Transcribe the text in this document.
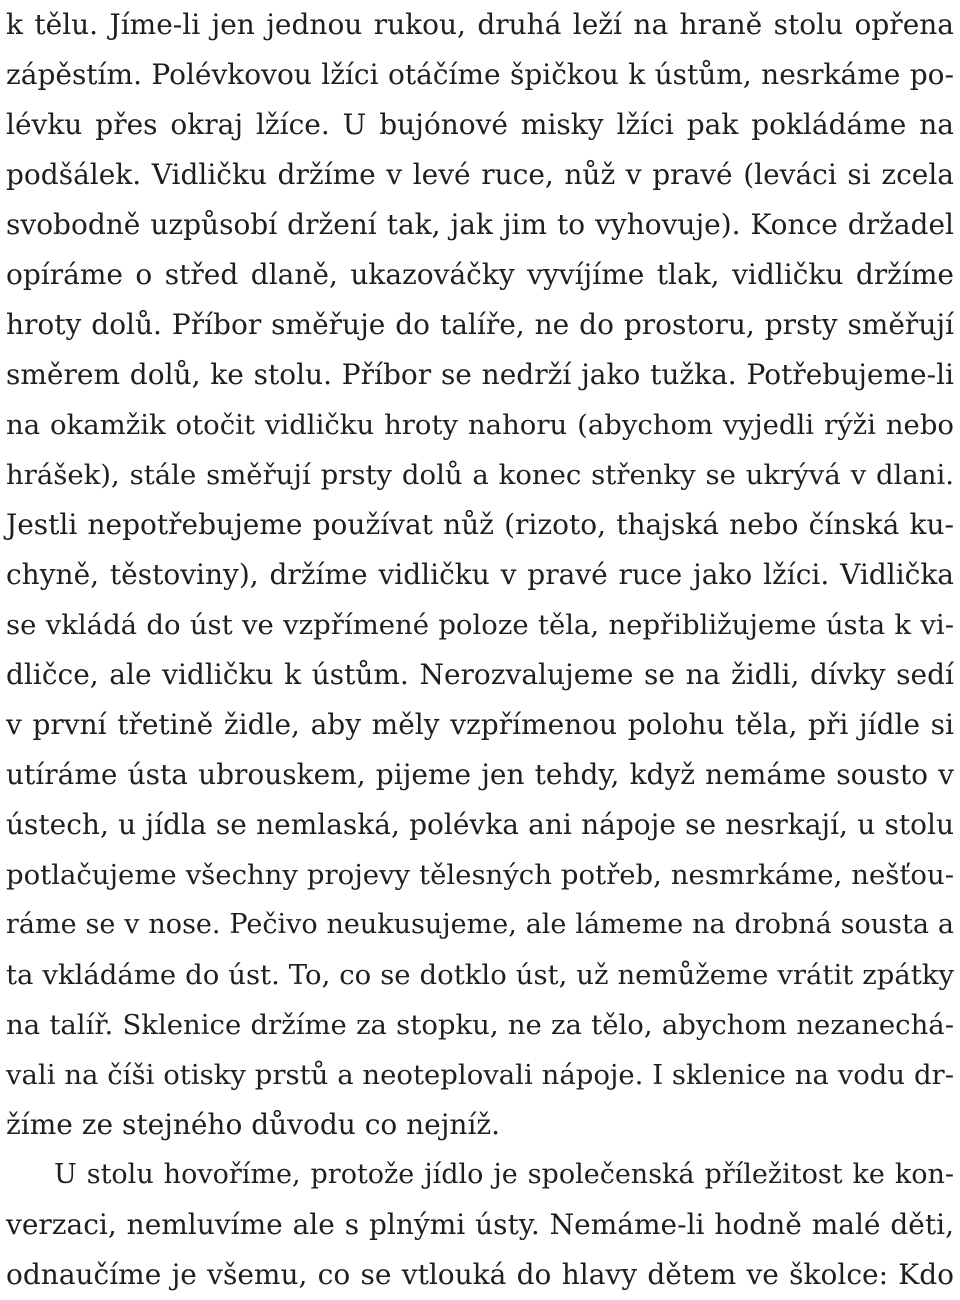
k tělu. Jíme-li jen jednou rukou, druhá leží na hraně stolu opřena
zápěstím. Polévkovou lžíci otáčíme špičkou k ústům, nesrkáme po-
lévku přes okraj lžíce. U bujónové misky lžíci pak pokládáme na
podšálek. Vidličku držíme v levé ruce, nůž v pravé (leváci si zcela
svobodně uzpůsobí držení tak, jak jim to vyhovuje). Konce držadel
opíráme o střed dlaně, ukazováčky vyvíjíme tlak, vidličku držíme
hroty dolů. Příbor směřuje do talíře, ne do prostoru, prsty směřují
směrem dolů, ke stolu. Příbor se nedrží jako tužka. Potřebujeme-li
na okamžik otočit vidličku hroty nahoru (abychom vyjedli rýži nebo
hrášek), stále směřují prsty dolů a konec střenky se ukrývá v dlani.
Jestli nepotřebujeme používat nůž (rizoto, thajská nebo čínská ku-
chyně, těstoviny), držíme vidličku v pravé ruce jako lžíci. Vidlička
se vkládá do úst ve vzpřímené poloze těla, nepřibližujeme ústa k vi-
dličce, ale vidličku k ústům. Nerozvalujeme se na židli, dívky sedí
v první třetině židle, aby měly vzpřímenou polohu těla, při jídle si
utíráme ústa ubrouskem, pijeme jen tehdy, když nemáme sousto v
ústech, u jídla se nemlaská, polévka ani nápoje se nesrkají, u stolu
potlačujeme všechny projevy tělesných potřeb, nesmrkáme, nešťou-
ráme se v nose. Pečivo neukusujeme, ale lámeme na drobná sousta a
ta vkládáme do úst. To, co se dotklo úst, už nemůžeme vrátit zpátky
na talíř. Sklenice držíme za stopku, ne za tělo, abychom nezanechá-
vali na číši otisky prstů a neoteplovali nápoje. I sklenice na vodu dr-
žíme ze stejného důvodu co nejníž.
U stolu hovoříme, protože jídlo je společenská příležitost ke kon-
verzaci, nemluvíme ale s plnými ústy. Nemáme-li hodně malé děti,
odnaučíme je všemu, co se vtlouká do hlavy dětem ve školce: Kdo
